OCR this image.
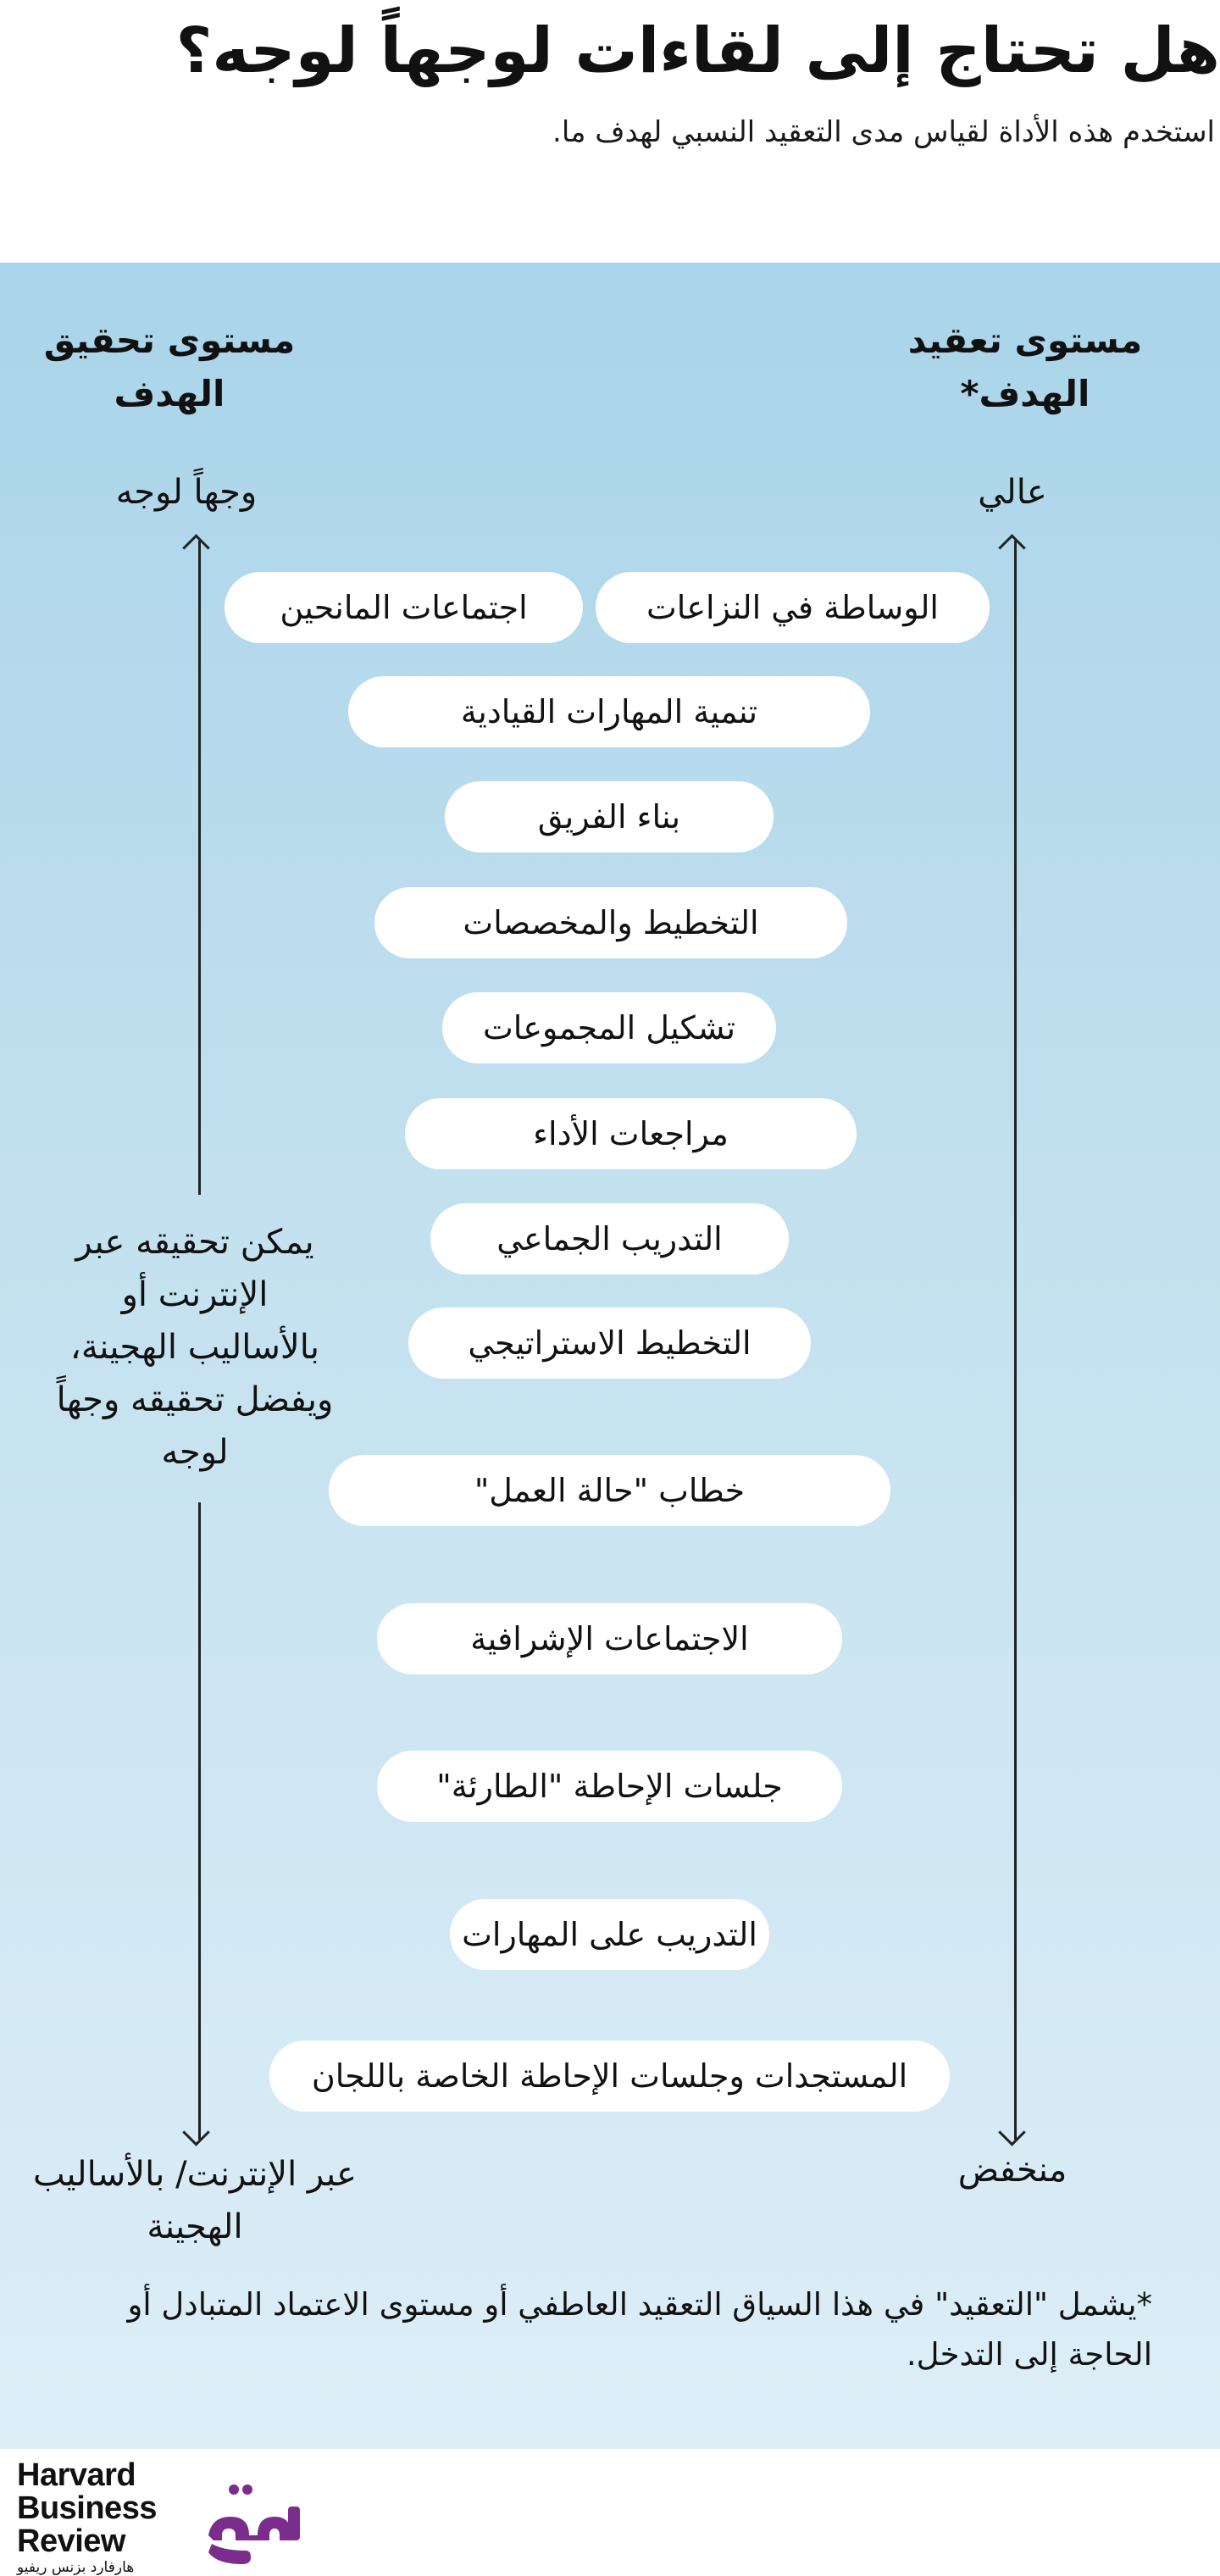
هل تحتاج إلى لقاءات لوجهاً لوجه؟

استخدم هذه الأداة لقياس مدى التعقيد النسبي لهدف ما.

مستوى تعقيد الهدف*
مستوى تحقيق الهدف
عالي
منخفض
وجهاً لوجه
يمكن تحقيقه عبر الإنترنت أو بالأساليب الهجينة، ويفضل تحقيقه وجهاً لوجه
عبر الإنترنت/ بالأساليب الهجينة
الوساطة في النزاعات
اجتماعات المانحين
تنمية المهارات القيادية
بناء الفريق
التخطيط والمخصصات
تشكيل المجموعات
مراجعات الأداء
التدريب الجماعي
التخطيط الاستراتيجي
خطاب "حالة العمل"
الاجتماعات الإشرافية
جلسات الإحاطة "الطارئة"
التدريب على المهارات
المستجدات وجلسات الإحاطة الخاصة باللجان

*يشمل "التعقيد" في هذا السياق التعقيد العاطفي أو مستوى الاعتماد المتبادل أو الحاجة إلى التدخل.

Harvard
Business
Review
هارفارد بزنس ريفيو
